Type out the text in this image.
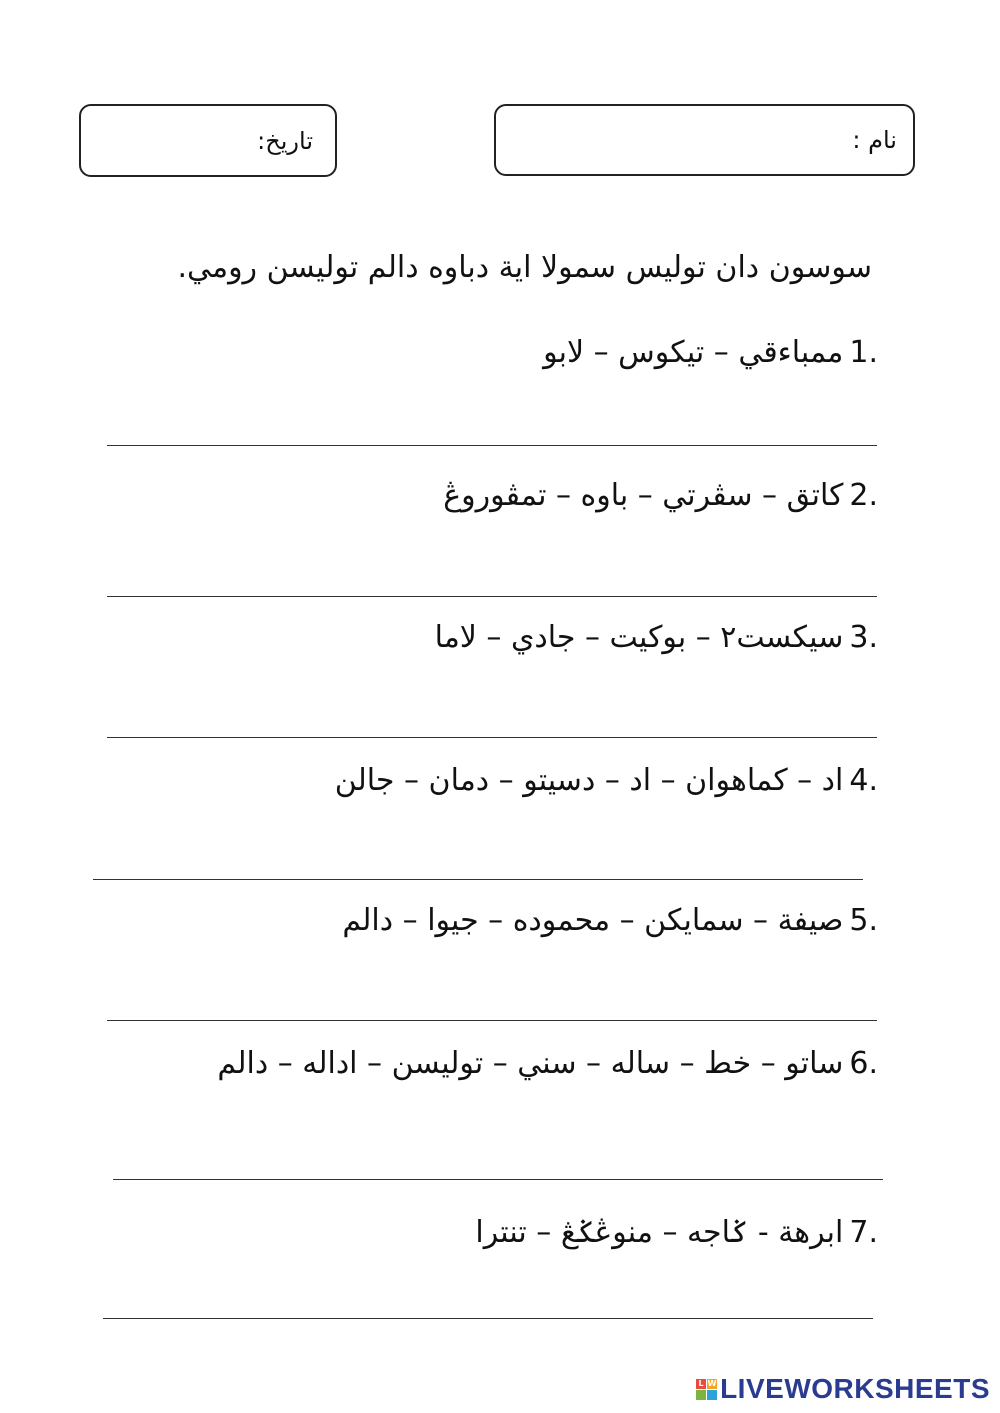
تاريخ:	نام :
سوسون دان توليس سمولا اية دباوه دالم توليسن رومي.
1.
ممباءقي – تيكوس – لابو
2.
كاتق – سڤرتي – باوه – تمڤوروڠ
3.
سيكست٢ – بوكيت – جادي – لاما
4.
اد – كماهوان – اد – دسيتو – دمان – جالن
5.
صيفة – سمايكن – محموده – جيوا – دالم
6.
ساتو – خط – ساله – سني – توليسن – اداله – دالم
7.
ابرهة - ݢاجه – منوڠݢڠ – تنترا
L W LIVEWORKSHEETS
